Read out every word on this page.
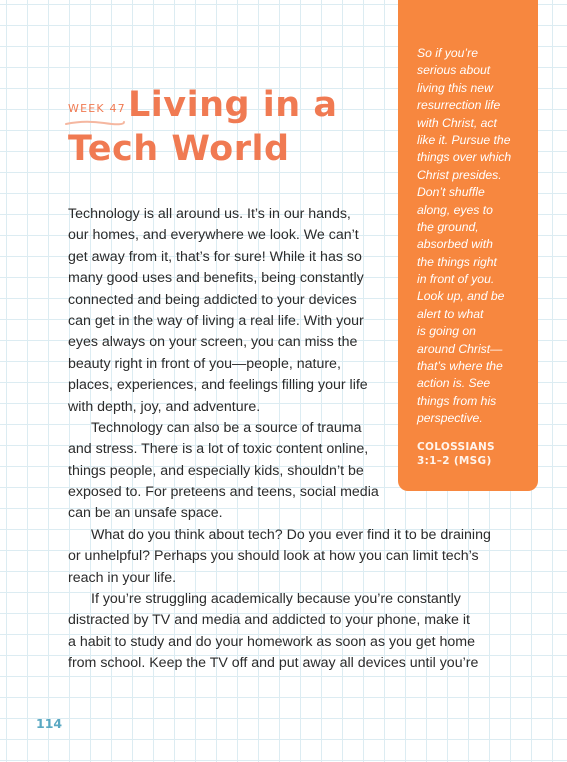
WEEK 47 Living in a
Tech World
Technology is all around us. It’s in our hands,
our homes, and everywhere we look. We can’t
get away from it, that’s for sure! While it has so
many good uses and benefits, being constantly
connected and being addicted to your devices
can get in the way of living a real life. With your
eyes always on your screen, you can miss the
beauty right in front of you—people, nature,
places, experiences, and feelings filling your life
with depth, joy, and adventure.
Technology can also be a source of trauma
and stress. There is a lot of toxic content online,
things people, and especially kids, shouldn’t be
exposed to. For preteens and teens, social media
can be an unsafe space.
What do you think about tech? Do you ever find it to be draining
or unhelpful? Perhaps you should look at how you can limit tech’s
reach in your life.
If you’re struggling academically because you’re constantly
distracted by TV and media and addicted to your phone, make it
a habit to study and do your homework as soon as you get home
from school. Keep the TV off and put away all devices until you’re
So if you’re
serious about
living this new
resurrection life
with Christ, act
like it. Pursue the
things over which
Christ presides.
Don’t shuffle
along, eyes to
the ground,
absorbed with
the things right
in front of you.
Look up, and be
alert to what
is going on
around Christ—
that’s where the
action is. See
things from his
perspective.
COLOSSIANS
3:1–2 (MSG)
114
